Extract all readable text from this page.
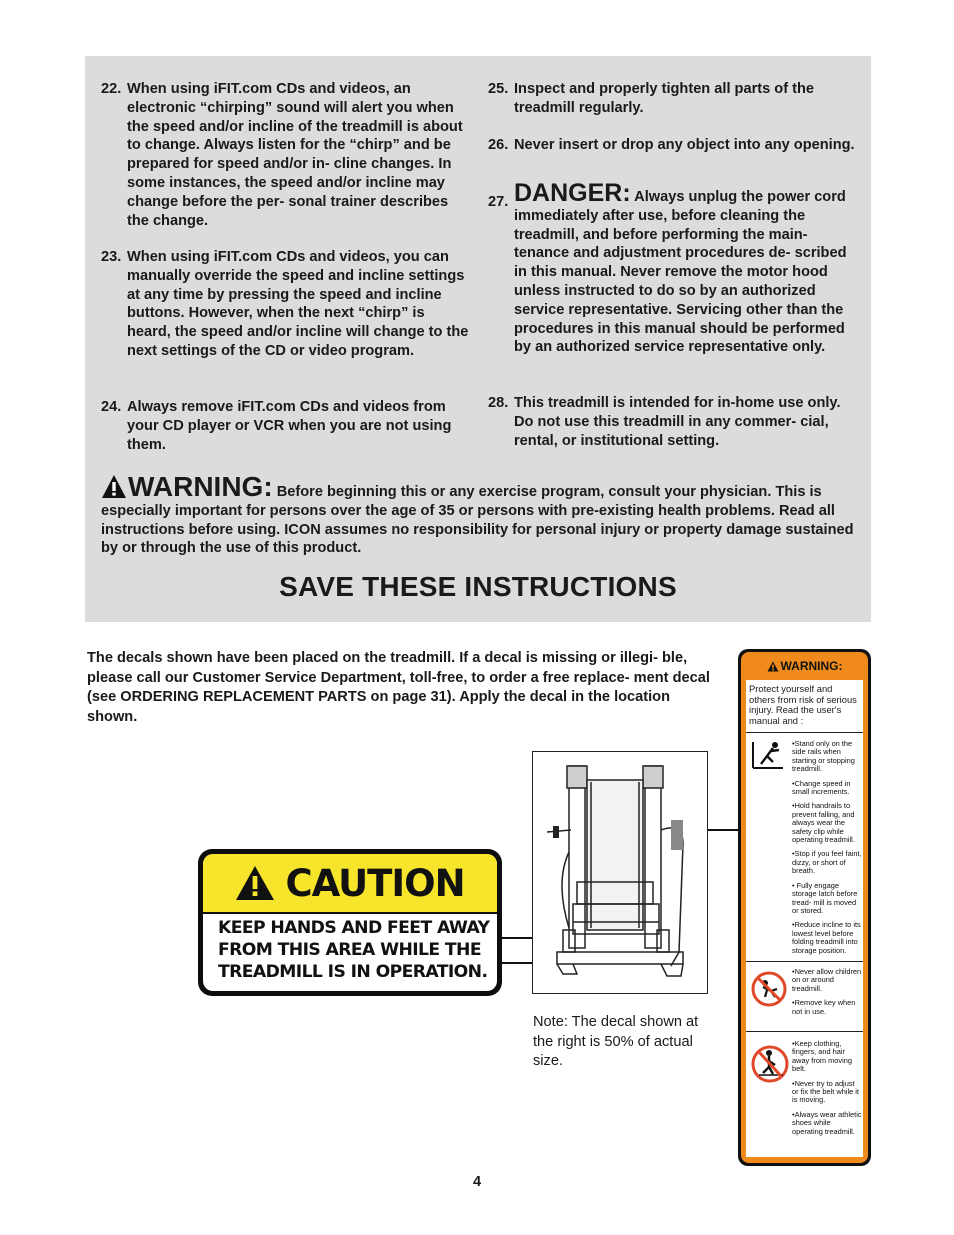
22. When using iFIT.com CDs and videos, an electronic “chirping” sound will alert you when the speed and/or incline of the treadmill is about to change. Always listen for the “chirp” and be prepared for speed and/or in- cline changes. In some instances, the speed and/or incline may change before the per- sonal trainer describes the change.
23. When using iFIT.com CDs and videos, you can manually override the speed and incline settings at any time by pressing the speed and incline buttons. However, when the next “chirp” is heard, the speed and/or incline will change to the next settings of the CD or video program.
24. Always remove iFIT.com CDs and videos from your CD player or VCR when you are not using them.
25. Inspect and properly tighten all parts of the treadmill regularly.
26. Never insert or drop any object into any opening.
27. DANGER: Always unplug the power cord immediately after use, before cleaning the treadmill, and before performing the main- tenance and adjustment procedures de- scribed in this manual. Never remove the motor hood unless instructed to do so by an authorized service representative. Servicing other than the procedures in this manual should be performed by an authorized service representative only.
28. This treadmill is intended for in-home use only. Do not use this treadmill in any commer- cial, rental, or institutional setting.
WARNING: Before beginning this or any exercise program, consult your physician. This is especially important for persons over the age of 35 or persons with pre-existing health problems. Read all instructions before using. ICON assumes no responsibility for personal injury or property damage sustained by or through the use of this product.
SAVE THESE INSTRUCTIONS
The decals shown have been placed on the treadmill. If a decal is missing or illegi- ble, please call our Customer Service Department, toll-free, to order a free replace- ment decal (see ORDERING REPLACEMENT PARTS on page 31). Apply the decal in the location shown.
CAUTION
KEEP HANDS AND FEET AWAY FROM THIS AREA WHILE THE TREADMILL IS IN OPERATION.
Note: The decal shown at the right is 50% of actual size.
WARNING:
Protect yourself and others from risk of serious injury. Read the user's manual and :
•Stand only on the side rails when starting or stopping treadmill.
•Change speed in small increments.
•Hold handrails to prevent falling, and always wear the safety clip while operating treadmill.
•Stop if you feel faint, dizzy, or short of breath.
• Fully engage storage latch before tread- mill is moved or stored.
•Reduce incline to its lowest level before folding treadmill into storage position.
•Never allow children on or around treadmill.
•Remove key when not in use.
•Keep clothing, fingers, and hair away from moving belt.
•Never try to adjust or fix the belt while it is moving.
•Always wear athletic shoes while operating treadmill.
4
